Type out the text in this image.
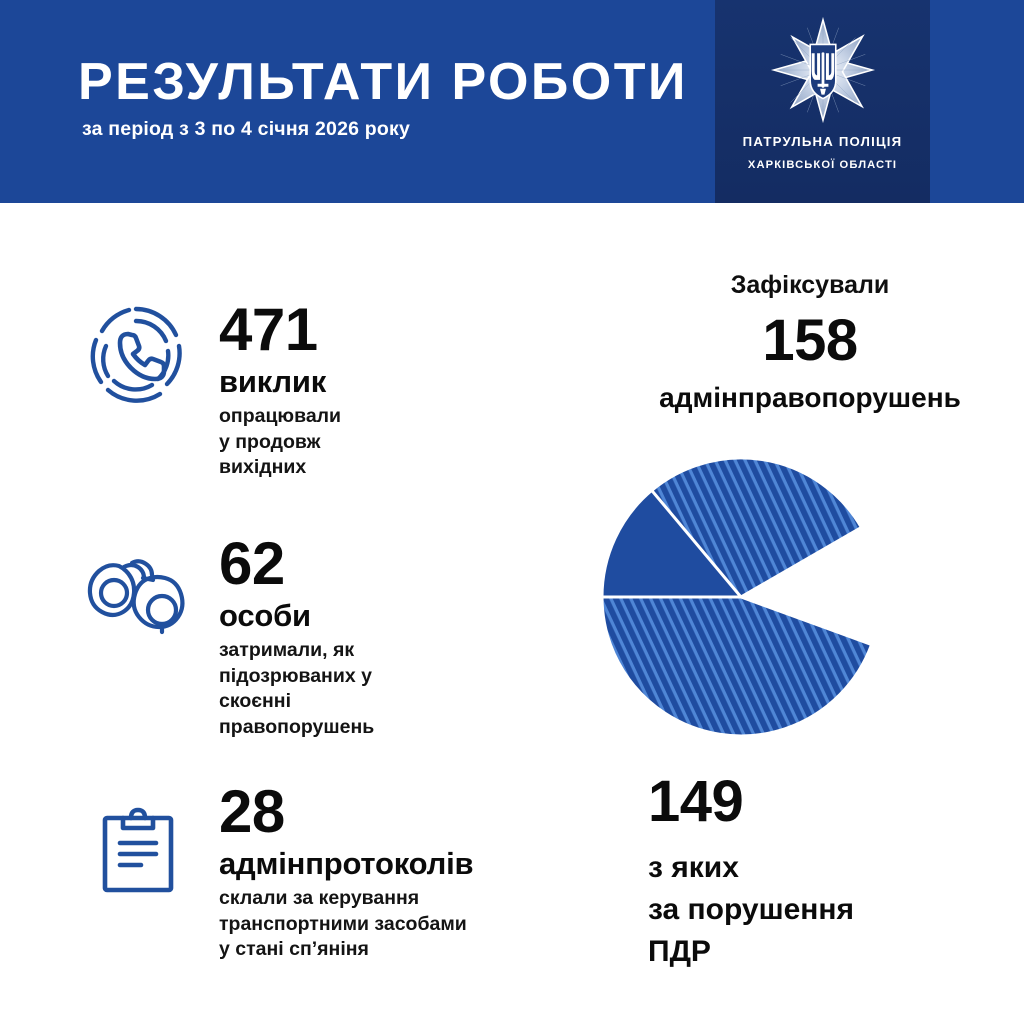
РЕЗУЛЬТАТИ РОБОТИ
за період з 3 по 4 січня 2026 року
ПАТРУЛЬНА ПОЛІЦІЯ
ХАРКІВСЬКОЇ ОБЛАСТІ
471
виклик
опрацювали
у продовж вихідних
62
особи
затримали, як
підозрюваних у скоєнні
правопорушень
28
адмінпротоколів
склали за керування
транспортними засобами
у стані сп’яніня
Зафіксували
158
адмінправопорушень
149
з яких
за порушення
ПДР
